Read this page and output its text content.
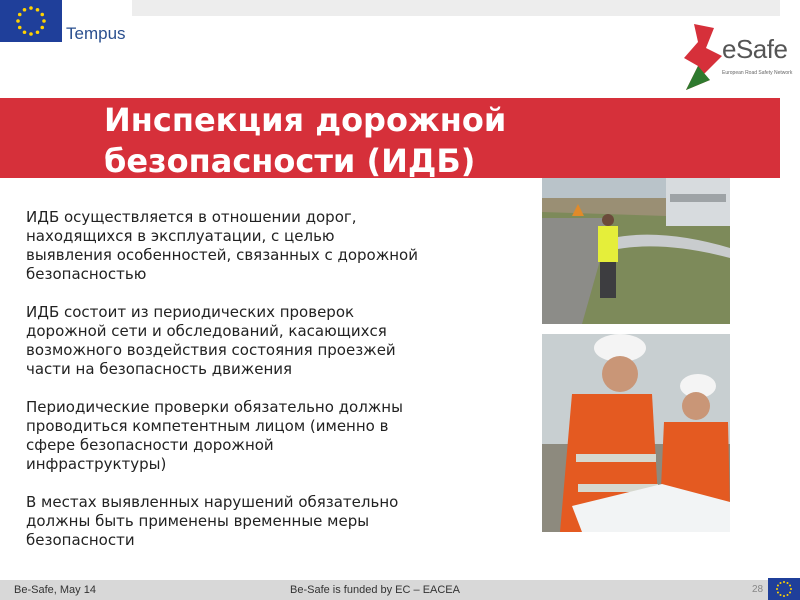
Tempus
eSafe
European Road Safety Network
Инспекция дорожной безопасности (ИДБ)

ИДБ осуществляется в отношении дорог, находящихся в эксплуатации, с целью выявления особенностей, связанных с дорожной безопасностью

ИДБ состоит из периодических проверок дорожной сети и обследований, касающихся возможного воздействия состояния проезжей части на безопасность движения

Периодические проверки обязательно должны проводиться компетентным лицом (именно в сфере безопасности дорожной инфраструктуры)

В местах выявленных нарушений обязательно должны быть применены временные меры безопасности

Be-Safe, May 14	Be-Safe is funded by EC – EACEA	28
